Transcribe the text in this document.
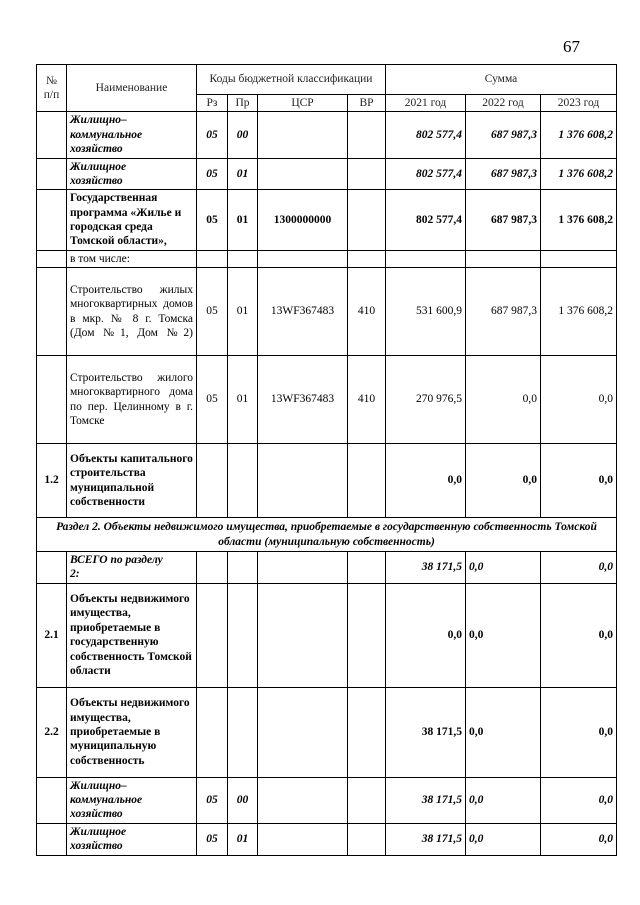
67
№
п/п	Наименование	Коды бюджетной классификации				Сумма		
		Рз	Пр	ЦСР	ВР	2021 год	2022 год	2023 год
	Жилищно–
коммунальное
хозяйство	05	00			802 577,4	687 987,3	1 376 608,2
	Жилищное
хозяйство	05	01			802 577,4	687 987,3	1 376 608,2
	Государственная программа «Жилье и городская среда Томской области»,	05	01	1300000000		802 577,4	687 987,3	1 376 608,2
	в том числе:							
	Строительство жилых многоквартирных домов в мкр. № 8 г. Томска (Дом №1, Дом №2)	05	01	13WF367483	410	531 600,9	687 987,3	1 376 608,2
	Строительство жилого многоквартирного дома по пер. Целинному в г. Томске	05	01	13WF367483	410	270 976,5	0,0	0,0
1.2	Объекты капитального строительства муниципальной собственности					0,0	0,0	0,0
Раздел 2. Объекты недвижимого имущества, приобретаемые в государственную собственность Томской области (муниципальную собственность)								
	ВСЕГО по разделу
2:					38 171,5	0,0	0,0
2.1	Объекты недвижимого имущества, приобретаемые в государственную собственность Томской области					0,0	0,0	0,0
2.2	Объекты недвижимого имущества, приобретаемые в муниципальную собственность					38 171,5	0,0	0,0
	Жилищно–
коммунальное
хозяйство	05	00			38 171,5	0,0	0,0
	Жилищное
хозяйство	05	01			38 171,5	0,0	0,0
